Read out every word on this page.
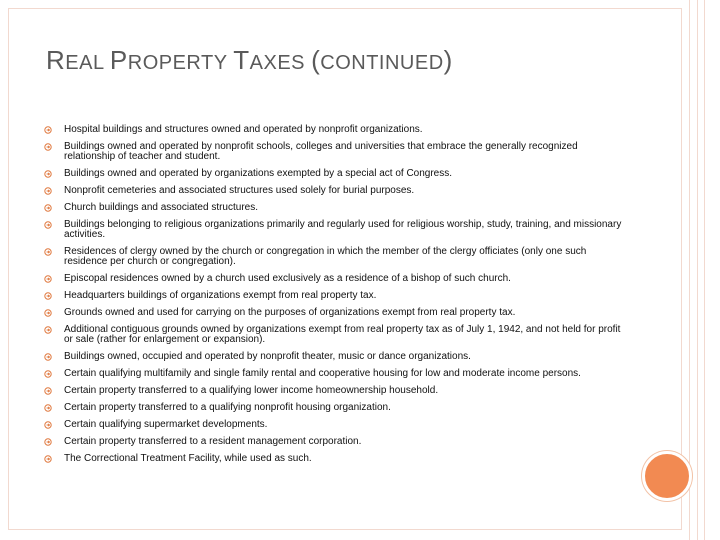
REAL PROPERTY TAXES (CONTINUED)
Hospital buildings and structures owned and operated by nonprofit organizations.
Buildings owned and operated by nonprofit schools, colleges and universities that embrace the generally recognized relationship of teacher and student.
Buildings owned and operated by organizations exempted by a special act of Congress.
Nonprofit cemeteries and associated structures used solely for burial purposes.
Church buildings and associated structures.
Buildings belonging to religious organizations primarily and regularly used for religious worship, study, training, and missionary activities.
Residences of clergy owned by the church or congregation in which the member of the clergy officiates (only one such residence per church or congregation).
Episcopal residences owned by a church used exclusively as a residence of a bishop of such church.
Headquarters buildings of organizations exempt from real property tax.
Grounds owned and used for carrying on the purposes of organizations exempt from real property tax.
Additional contiguous grounds owned by organizations exempt from real property tax as of July 1, 1942, and not held for profit or sale (rather for enlargement or expansion).
Buildings owned, occupied and operated by nonprofit theater, music or dance organizations.
Certain qualifying multifamily and single family rental and cooperative housing for low and moderate income persons.
Certain property transferred to a qualifying lower income homeownership household.
Certain property transferred to a qualifying nonprofit housing organization.
Certain qualifying supermarket developments.
Certain property transferred to a resident management corporation.
The Correctional Treatment Facility, while used as such.
